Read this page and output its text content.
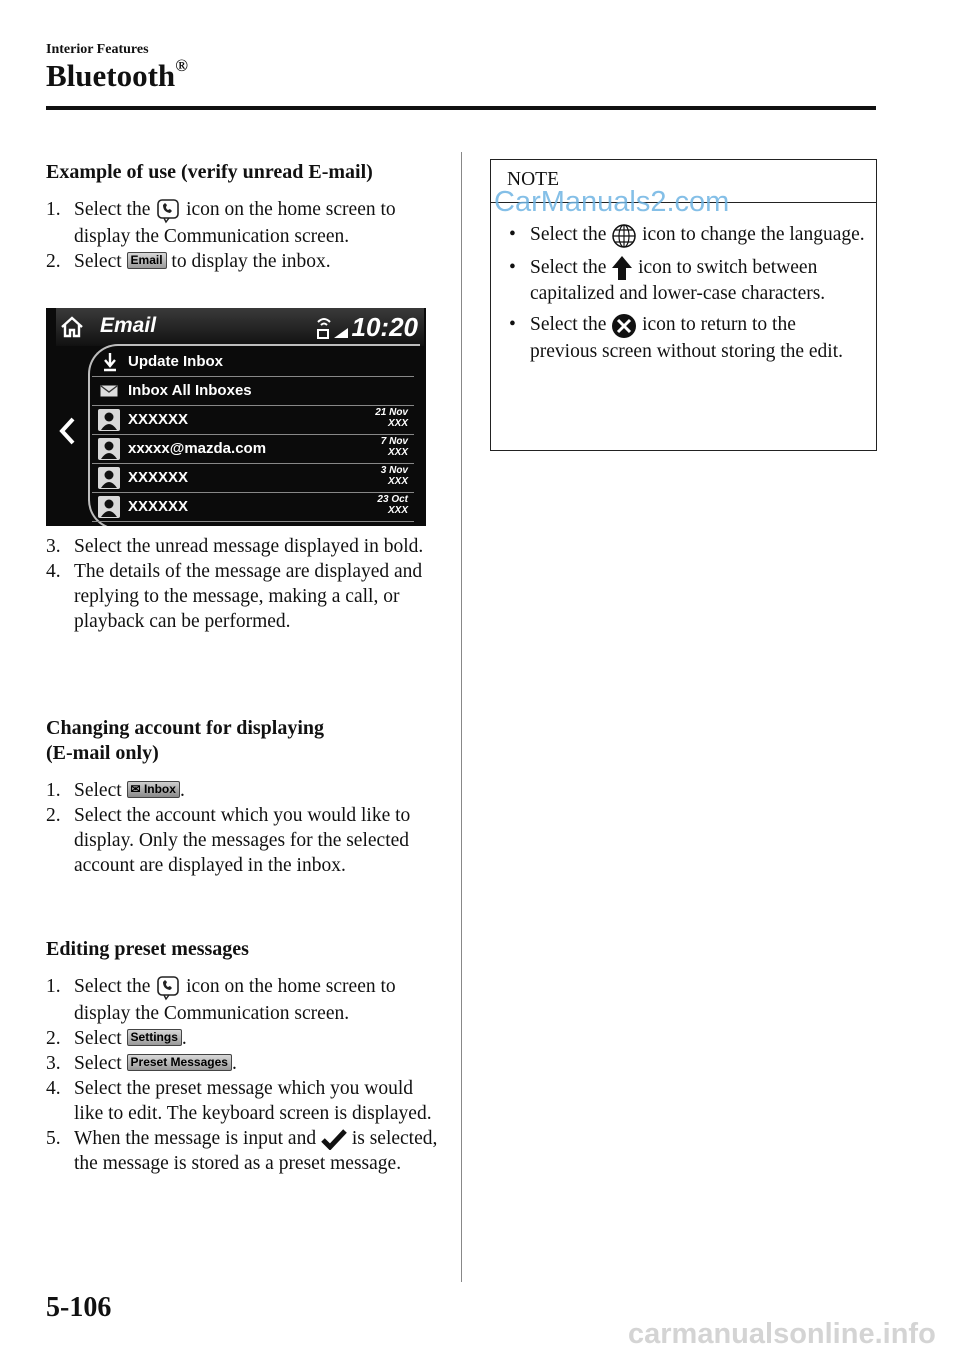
Interior Features
Bluetooth®
Example of use (verify unread E-mail)
1. Select the icon on the home screen to display the Communication screen.
2. Select Email to display the inbox.
Email	10:20
Update Inbox
Inbox All Inboxes
XXXXXX	21 Nov
XXX
xxxxx@mazda.com	7 Nov
XXX
XXXXXX	3 Nov
XXX
XXXXXX	23 Oct
XXX
3. Select the unread message displayed in bold.
4. The details of the message are displayed and replying to the message, making a call, or playback can be performed.
Changing account for displaying
(E-mail only)
1. Select ✉ Inbox .
2. Select the account which you would like to display. Only the messages for the selected account are displayed in the inbox.
Editing preset messages
1. Select the icon on the home screen to display the Communication screen.
2. Select Settings .
3. Select Preset Messages .
4. Select the preset message which you would like to edit. The keyboard screen is displayed.
5. When the message is input and is selected, the message is stored as a preset message.
NOTE
• Select the icon to change the language.
• Select the icon to switch between capitalized and lower-case characters.
• Select the icon to return to the previous screen without storing the edit.
CarManuals2.com
5-106
carmanualsonline.info
